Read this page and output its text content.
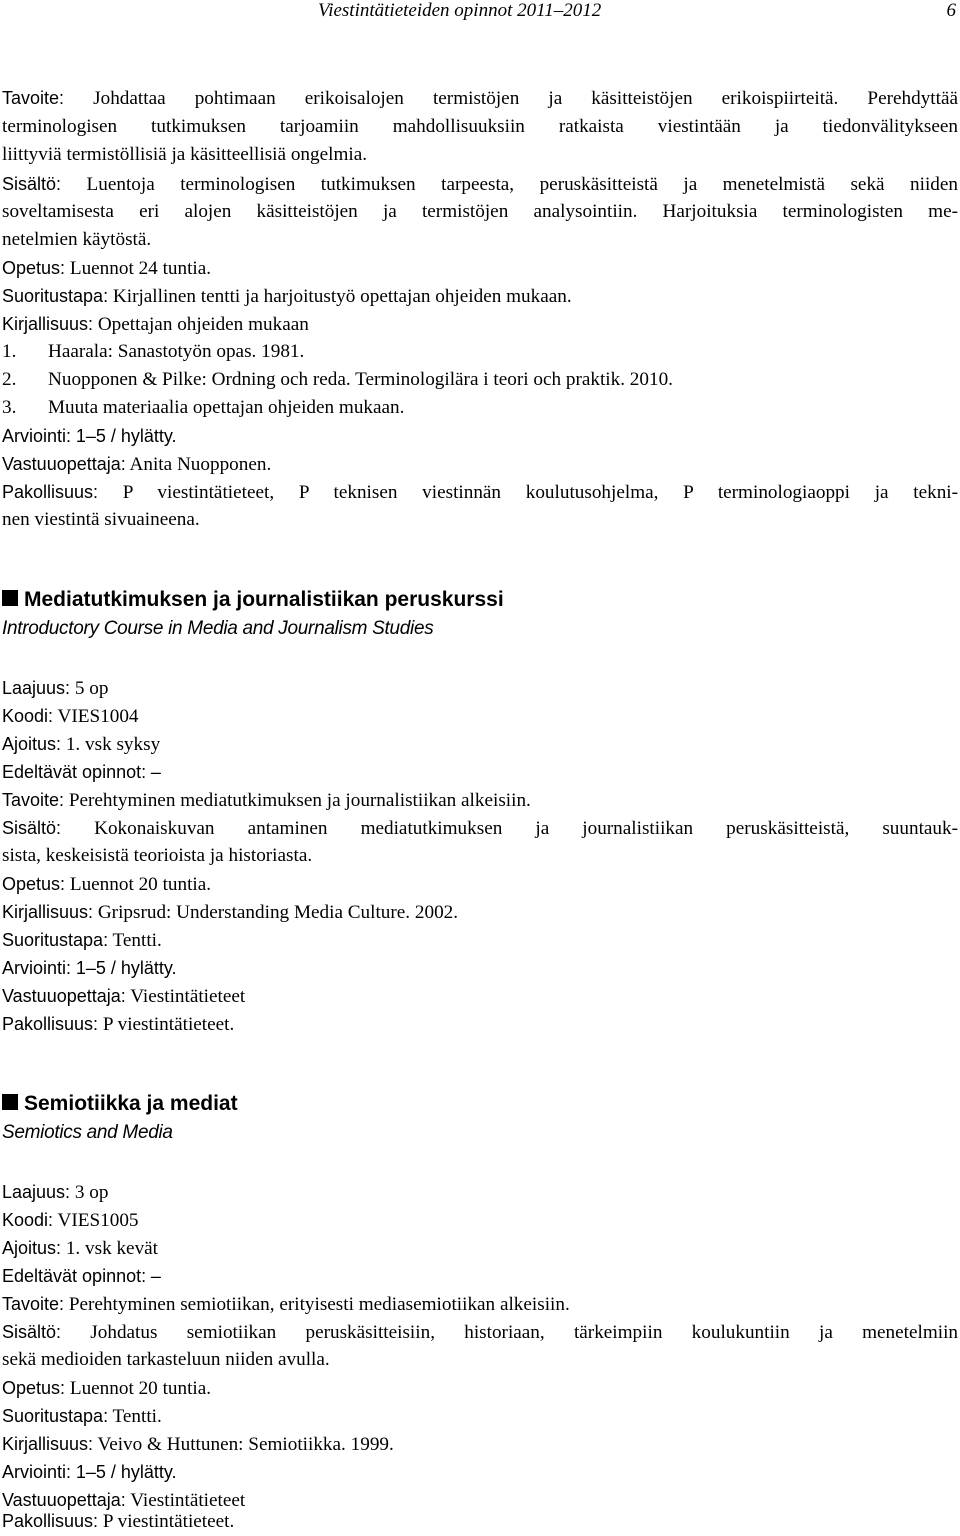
Viestintätieteiden opinnot 2011–2012	6
Tavoite: Johdattaa pohtimaan erikoisalojen termistöjen ja käsitteistöjen erikoispiirteitä. Perehdyttää
terminologisen tutkimuksen tarjoamiin mahdollisuuksiin ratkaista viestintään ja tiedonvälitykseen
liittyviä termistöllisiä ja käsitteellisiä ongelmia.
Sisältö: Luentoja terminologisen tutkimuksen tarpeesta, peruskäsitteistä ja menetelmistä sekä niiden
soveltamisesta eri alojen käsitteistöjen ja termistöjen analysointiin. Harjoituksia terminologisten me-
netelmien käytöstä.
Opetus: Luennot 24 tuntia.
Suoritustapa: Kirjallinen tentti ja harjoitustyö opettajan ohjeiden mukaan.
Kirjallisuus: Opettajan ohjeiden mukaan
1. Haarala: Sanastotyön opas. 1981.
2. Nuopponen & Pilke: Ordning och reda. Terminologilära i teori och praktik. 2010.
3. Muuta materiaalia opettajan ohjeiden mukaan.
Arviointi: 1–5 / hylätty.
Vastuuopettaja: Anita Nuopponen.
Pakollisuus: P viestintätieteet, P teknisen viestinnän koulutusohjelma, P terminologiaoppi ja tekni-
nen viestintä sivuaineena.
Mediatutkimuksen ja journalistiikan peruskurssi
Introductory Course in Media and Journalism Studies
Laajuus: 5 op
Koodi: VIES1004
Ajoitus: 1. vsk syksy
Edeltävät opinnot: –
Tavoite: Perehtyminen mediatutkimuksen ja journalistiikan alkeisiin.
Sisältö: Kokonaiskuvan antaminen mediatutkimuksen ja journalistiikan peruskäsitteistä, suuntauk-
sista, keskeisistä teorioista ja historiasta.
Opetus: Luennot 20 tuntia.
Kirjallisuus: Gripsrud: Understanding Media Culture. 2002.
Suoritustapa: Tentti.
Arviointi: 1–5 / hylätty.
Vastuuopettaja: Viestintätieteet
Pakollisuus: P viestintätieteet.
Semiotiikka ja mediat
Semiotics and Media
Laajuus: 3 op
Koodi: VIES1005
Ajoitus: 1. vsk kevät
Edeltävät opinnot: –
Tavoite: Perehtyminen semiotiikan, erityisesti mediasemiotiikan alkeisiin.
Sisältö: Johdatus semiotiikan peruskäsitteisiin, historiaan, tärkeimpiin koulukuntiin ja menetelmiin
sekä medioiden tarkasteluun niiden avulla.
Opetus: Luennot 20 tuntia.
Suoritustapa: Tentti.
Kirjallisuus: Veivo & Huttunen: Semiotiikka. 1999.
Arviointi: 1–5 / hylätty.
Vastuuopettaja: Viestintätieteet
Pakollisuus: P viestintätieteet.
